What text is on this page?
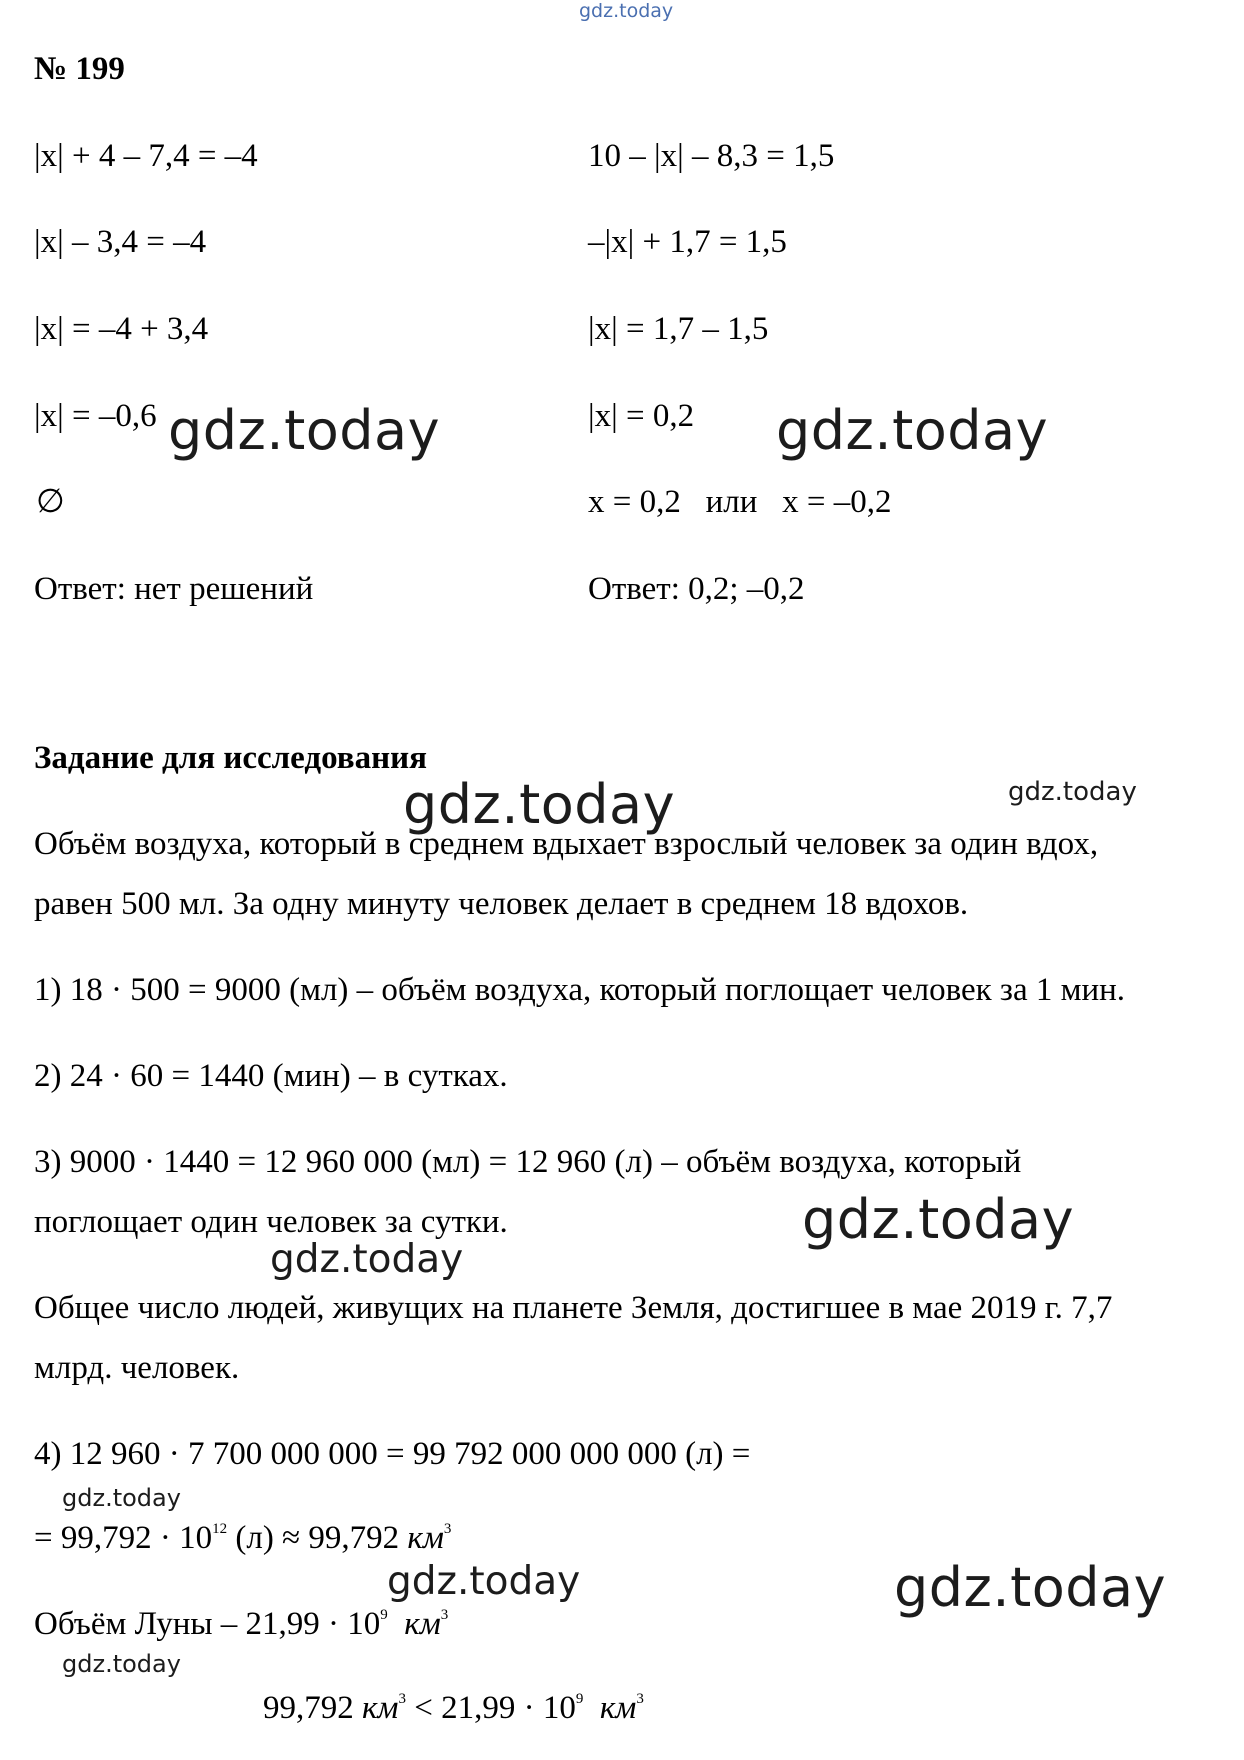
gdz.today
№ 199
|x| + 4 – 7,4 = –4
|x| – 3,4 = –4
|x| = –4 + 3,4
|x| = –0,6
∅
Ответ: нет решений
10 – |x| – 8,3 = 1,5
–|x| + 1,7 = 1,5
|x| = 1,7 – 1,5
|x| = 0,2
x = 0,2   или   x = –0,2
Ответ: 0,2; –0,2
Задание для исследования
Объём воздуха, который в среднем вдыхает взрослый человек за один вдох,
равен 500 мл. За одну минуту человек делает в среднем 18 вдохов.
1) 18 · 500 = 9000 (мл) – объём воздуха, который поглощает человек за 1 мин.
2) 24 · 60 = 1440 (мин) – в сутках.
3) 9000 · 1440 = 12 960 000 (мл) = 12 960 (л) – объём воздуха, который
поглощает один человек за сутки.
Общее число людей, живущих на планете Земля, достигшее в мае 2019 г. 7,7
млрд. человек.
4) 12 960 · 7 700 000 000 = 99 792 000 000 000 (л) =
= $99,792 \cdot 10^{12}$ (л) ≈ 99,792 $км^3$
Объём Луны – $21,99 \cdot 10^9$ $км^3$
99,792 $км^3 < 21,99 \cdot 10^9$ $км^3$
gdz.today	gdz.today
gdz.today	gdz.today
gdz.today
gdz.today
gdz.today
gdz.today	gdz.today
gdz.today
